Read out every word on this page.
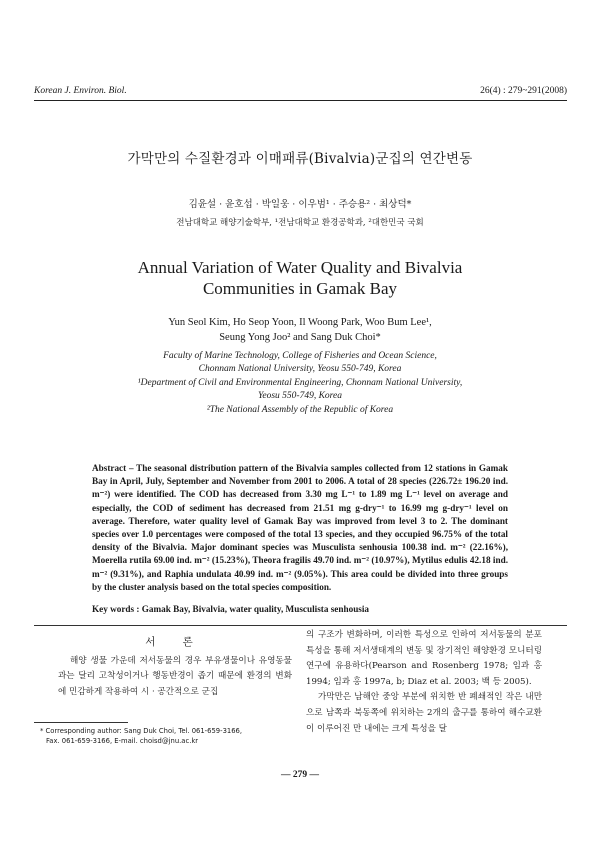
Korean J. Environ. Biol.	26(4) : 279~291(2008)
가막만의 수질환경과 이매패류(Bivalvia)군집의 연간변동
김윤설 · 윤호섭 · 박일웅 · 이우범¹ · 주승용² · 최상덕*
전남대학교 해양기술학부, ¹전남대학교 환경공학과, ²대한민국 국회
Annual Variation of Water Quality and Bivalvia
Communities in Gamak Bay
Yun Seol Kim, Ho Seop Yoon, Il Woong Park, Woo Bum Lee¹,
Seung Yong Joo² and Sang Duk Choi*
Faculty of Marine Technology, College of Fisheries and Ocean Science,
Chonnam National University, Yeosu 550-749, Korea
¹Department of Civil and Environmental Engineering, Chonnam National University,
Yeosu 550-749, Korea
²The National Assembly of the Republic of Korea
Abstract – The seasonal distribution pattern of the Bivalvia samples collected from 12 stations in Gamak Bay in April, July, September and November from 2001 to 2006. A total of 28 species (226.72± 196.20 ind. m⁻²) were identified. The COD has decreased from 3.30 mg L⁻¹ to 1.89 mg L⁻¹ level on average and especially, the COD of sediment has decreased from 21.51 mg g-dry⁻¹ to 16.99 mg g-dry⁻¹ level on average. Therefore, water quality level of Gamak Bay was improved from level 3 to 2. The dominant species over 1.0 percentages were composed of the total 13 species, and they occupied 96.75% of the total density of the Bivalvia. Major dominant species was Musculista senhousia 100.38 ind. m⁻² (22.16%), Moerella rutila 69.00 ind. m⁻² (15.23%), Theora fragilis 49.70 ind. m⁻² (10.97%), Mytilus edulis 42.18 ind. m⁻² (9.31%), and Raphia undulata 40.99 ind. m⁻² (9.05%). This area could be divided into three groups by the cluster analysis based on the total species composition.
Key words : Gamak Bay, Bivalvia, water quality, Musculista senhousia
서 론

해양 생물 가운데 저서동물의 경우 부유생물이나 유영동물과는 달리 고착성이거나 행동반경이 좁기 때문에 환경의 변화에 민감하게 작용하여 시 · 공간적으로 군집

의 구조가 변화하며, 이러한 특성으로 인하여 저서동물의 분포특성을 통해 저서생태계의 변동 및 장기적인 해양환경 모니터링 연구에 유용하다(Pearson and Rosenberg 1978; 임과 홍 1994; 임과 홍 1997a, b; Diaz et al. 2003; 백 등 2005).

가막만은 남해안 중앙 부분에 위치한 반 폐쇄적인 작은 내만으로 남쪽과 북동쪽에 위치하는 2개의 출구를 통하여 해수교환이 이루어진 만 내에는 크게 특성을 달

* Corresponding author: Sang Duk Choi, Tel. 061-659-3166,
Fax. 061-659-3166, E-mail. choisd@jnu.ac.kr
— 279 —
